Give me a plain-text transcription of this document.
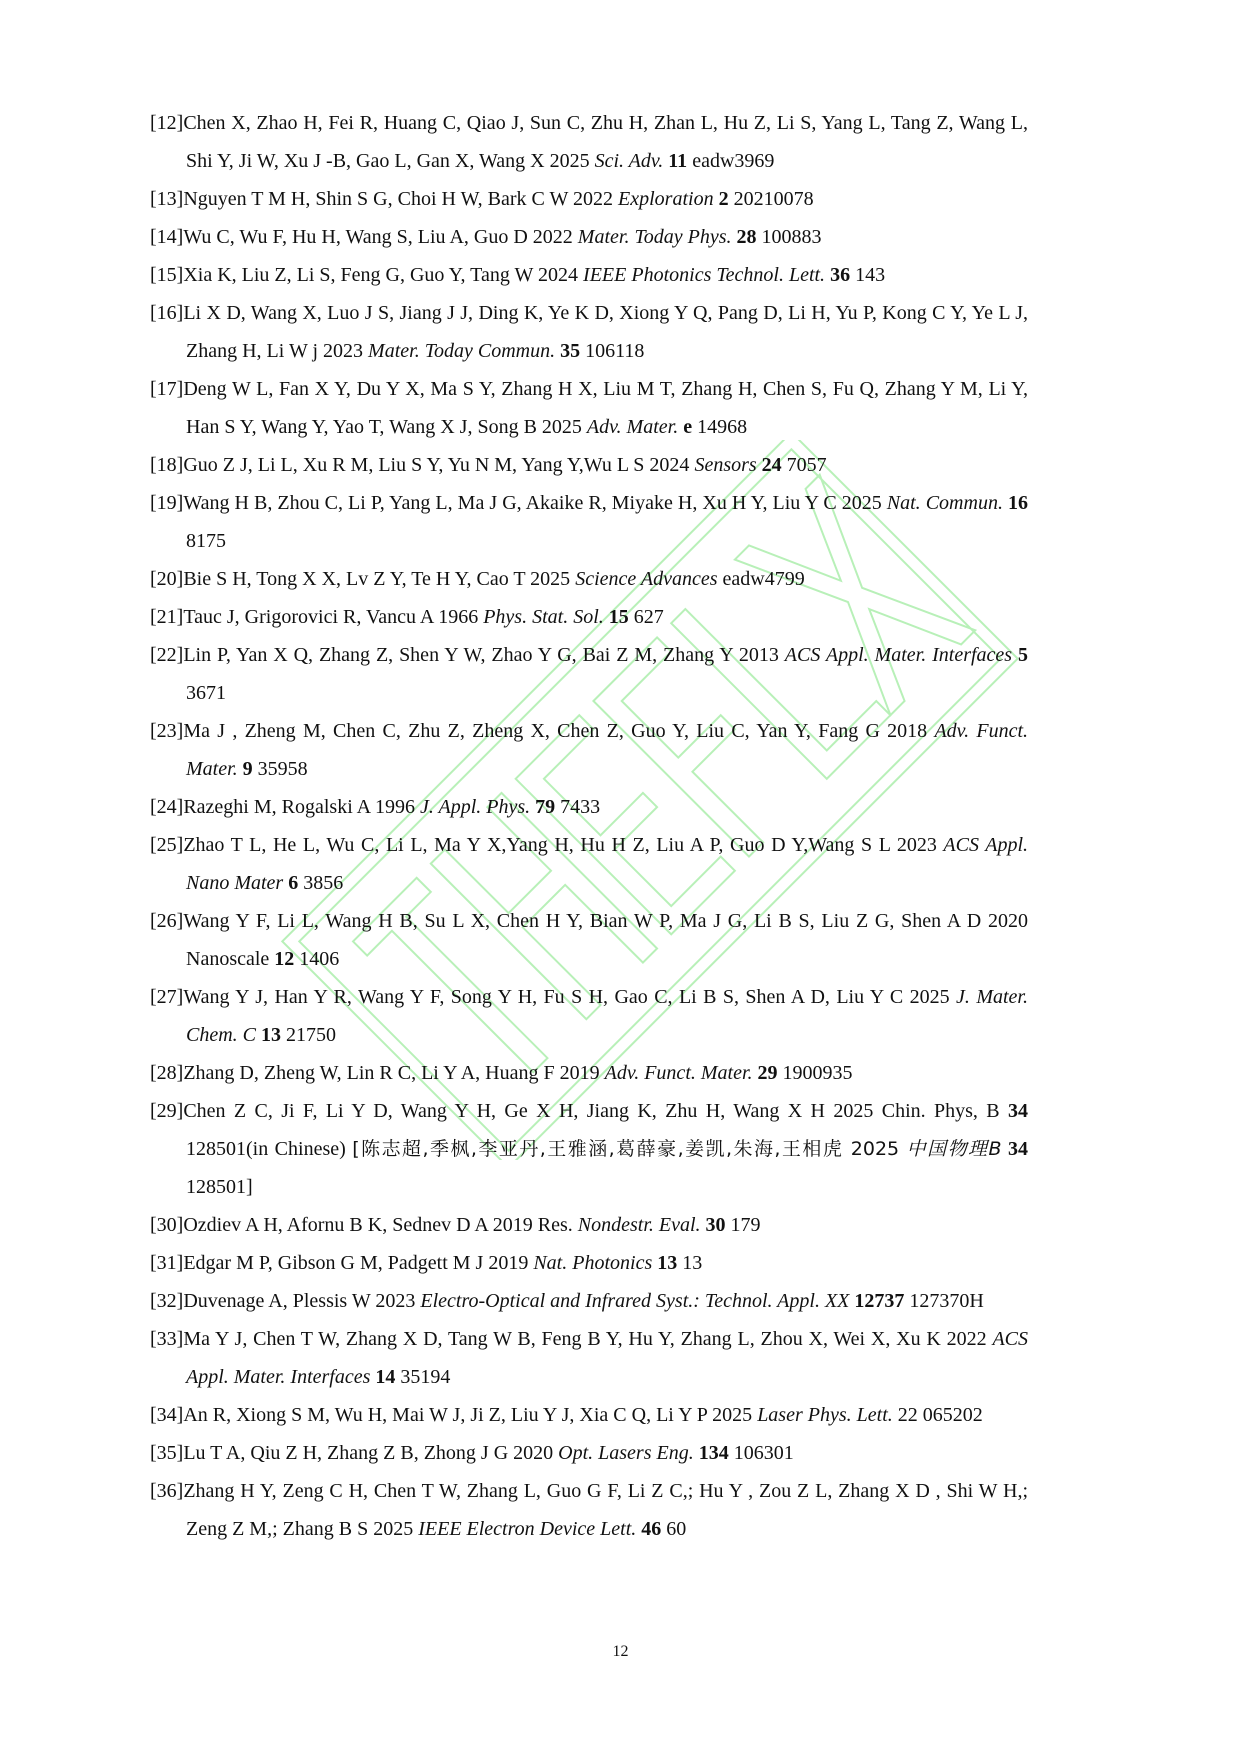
[12]Chen X, Zhao H, Fei R, Huang C, Qiao J, Sun C, Zhu H, Zhan L, Hu Z, Li S, Yang L, Tang Z, Wang L, Shi Y, Ji W, Xu J -B, Gao L, Gan X, Wang X 2025 Sci. Adv. 11 eadw3969
[13]Nguyen T M H, Shin S G, Choi H W, Bark C W 2022 Exploration 2 20210078
[14]Wu C, Wu F, Hu H, Wang S, Liu A, Guo D 2022 Mater. Today Phys. 28 100883
[15]Xia K, Liu Z, Li S, Feng G, Guo Y, Tang W 2024 IEEE Photonics Technol. Lett. 36 143
[16]Li X D, Wang X, Luo J S, Jiang J J, Ding K, Ye K D, Xiong Y Q, Pang D, Li H, Yu P, Kong C Y, Ye L J, Zhang H, Li W j 2023 Mater. Today Commun. 35 106118
[17]Deng W L, Fan X Y, Du Y X, Ma S Y, Zhang H X, Liu M T, Zhang H, Chen S, Fu Q, Zhang Y M, Li Y, Han S Y, Wang Y, Yao T, Wang X J, Song B 2025 Adv. Mater. e 14968
[18]Guo Z J, Li L, Xu R M, Liu S Y, Yu N M, Yang Y,Wu L S 2024 Sensors 24 7057
[19]Wang H B, Zhou C, Li P, Yang L, Ma J G, Akaike R, Miyake H, Xu H Y, Liu Y C 2025 Nat. Commun. 16 8175
[20]Bie S H, Tong X X, Lv Z Y, Te H Y, Cao T 2025 Science Advances eadw4799
[21]Tauc J, Grigorovici R, Vancu A 1966 Phys. Stat. Sol. 15 627
[22]Lin P, Yan X Q, Zhang Z, Shen Y W, Zhao Y G, Bai Z M, Zhang Y 2013 ACS Appl. Mater. Interfaces 5 3671
[23]Ma J , Zheng M, Chen C, Zhu Z, Zheng X, Chen Z, Guo Y, Liu C, Yan Y, Fang G 2018 Adv. Funct. Mater. 9 35958
[24]Razeghi M, Rogalski A 1996 J. Appl. Phys. 79 7433
[25]Zhao T L, He L, Wu C, Li L, Ma Y X,Yang H, Hu H Z, Liu A P, Guo D Y,Wang S L 2023 ACS Appl. Nano Mater 6 3856
[26]Wang Y F, Li L, Wang H B, Su L X, Chen H Y, Bian W P, Ma J G, Li B S, Liu Z G, Shen A D 2020 Nanoscale 12 1406
[27]Wang Y J, Han Y R, Wang Y F, Song Y H, Fu S H, Gao C, Li B S, Shen A D, Liu Y C 2025 J. Mater. Chem. C 13 21750
[28]Zhang D, Zheng W, Lin R C, Li Y A, Huang F 2019 Adv. Funct. Mater. 29 1900935
[29]Chen Z C, Ji F, Li Y D, Wang Y H, Ge X H, Jiang K, Zhu H, Wang X H 2025 Chin. Phys, B 34 128501(in Chinese) [陈志超,季枫,李亚丹,王雅涵,葛薛豪,姜凯,朱海,王相虎 2025 中国物理B 34 128501]
[30]Ozdiev A H, Afornu B K, Sednev D A 2019 Res. Nondestr. Eval. 30 179
[31]Edgar M P, Gibson G M, Padgett M J 2019 Nat. Photonics 13 13
[32]Duvenage A, Plessis W 2023 Electro-Optical and Infrared Syst.: Technol. Appl. XX 12737 127370H
[33]Ma Y J, Chen T W, Zhang X D, Tang W B, Feng B Y, Hu Y, Zhang L, Zhou X, Wei X, Xu K 2022 ACS Appl. Mater. Interfaces 14 35194
[34]An R, Xiong S M, Wu H, Mai W J, Ji Z, Liu Y J, Xia C Q, Li Y P 2025 Laser Phys. Lett. 22 065202
[35]Lu T A, Qiu Z H, Zhang Z B, Zhong J G 2020 Opt. Lasers Eng. 134 106301
[36]Zhang H Y, Zeng C H, Chen T W, Zhang L, Guo G F, Li Z C,; Hu Y , Zou Z L, Zhang X D , Shi W H,; Zeng Z M,; Zhang B S 2025 IEEE Electron Device Lett. 46 60
12
